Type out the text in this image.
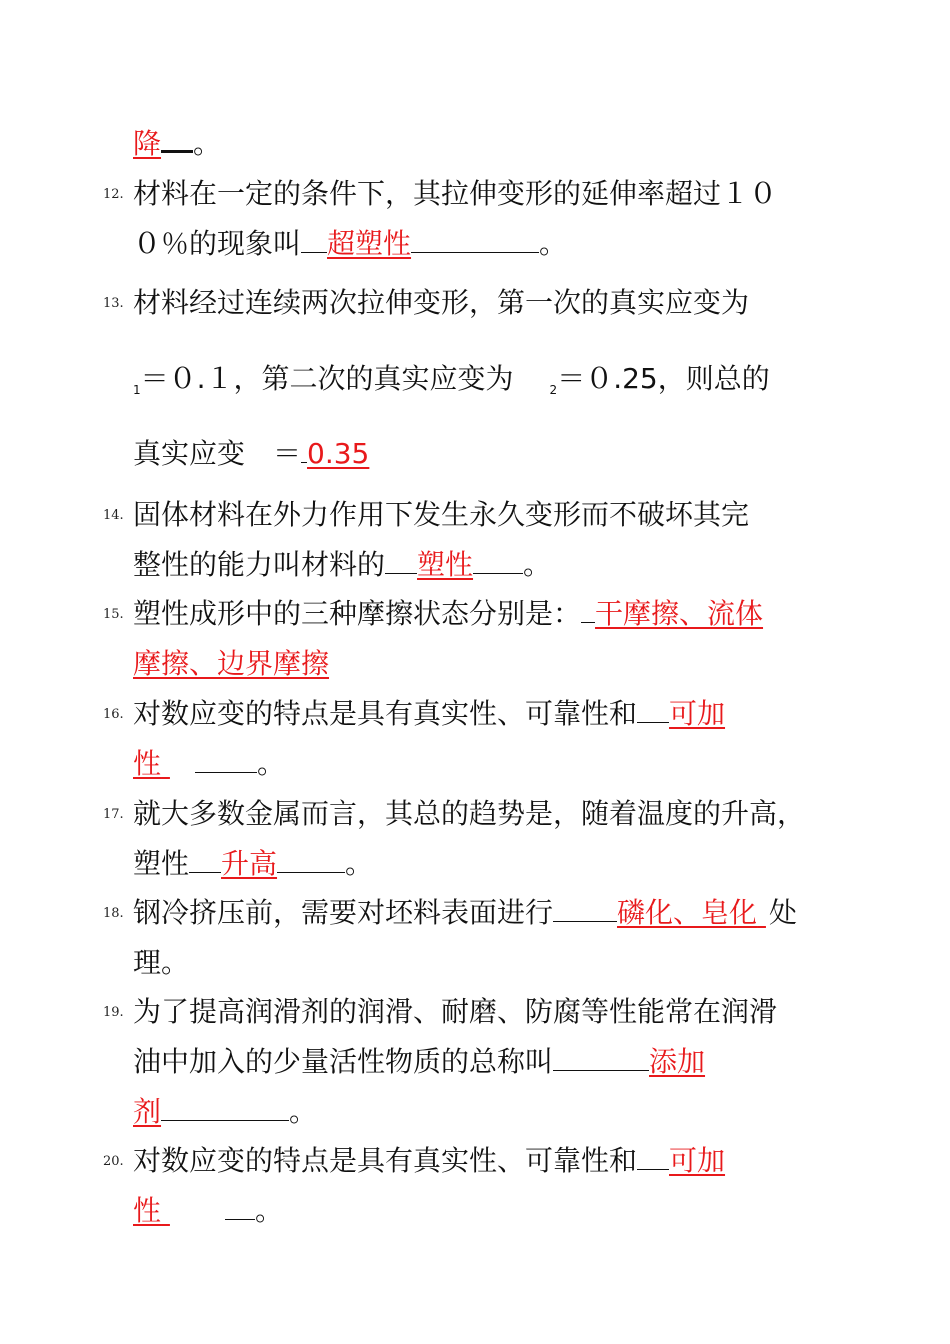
降 。
12. 材料在一定的条件下，其拉伸变形的延伸率超过１０
０％的现象叫 超塑性	。
13. 材料经过连续两次拉伸变形，第一次的真实应变为
$_1$＝０.１，第二次的真实应变为	$_2$＝０.25，则总的
真实应变　＝ 0.35
14. 固体材料在外力作用下发生永久变形而不破坏其完
整性的能力叫材料的 塑性 。
15. 塑性成形中的三种摩擦状态分别是： 干摩擦、流体
摩擦、边界摩擦
16. 对数应变的特点是具有真实性、可靠性和 可加
性	。
17. 就大多数金属而言，其总的趋势是，随着温度的升高，
塑性 升高 。
18. 钢冷挤压前，需要对坯料表面进行 磷化、皂化 处
理。
19. 为了提高润滑剂的润滑、耐磨、防腐等性能常在润滑
油中加入的少量活性物质的总称叫	添加
剂	。
20. 对数应变的特点是具有真实性、可靠性和 可加
性	。
